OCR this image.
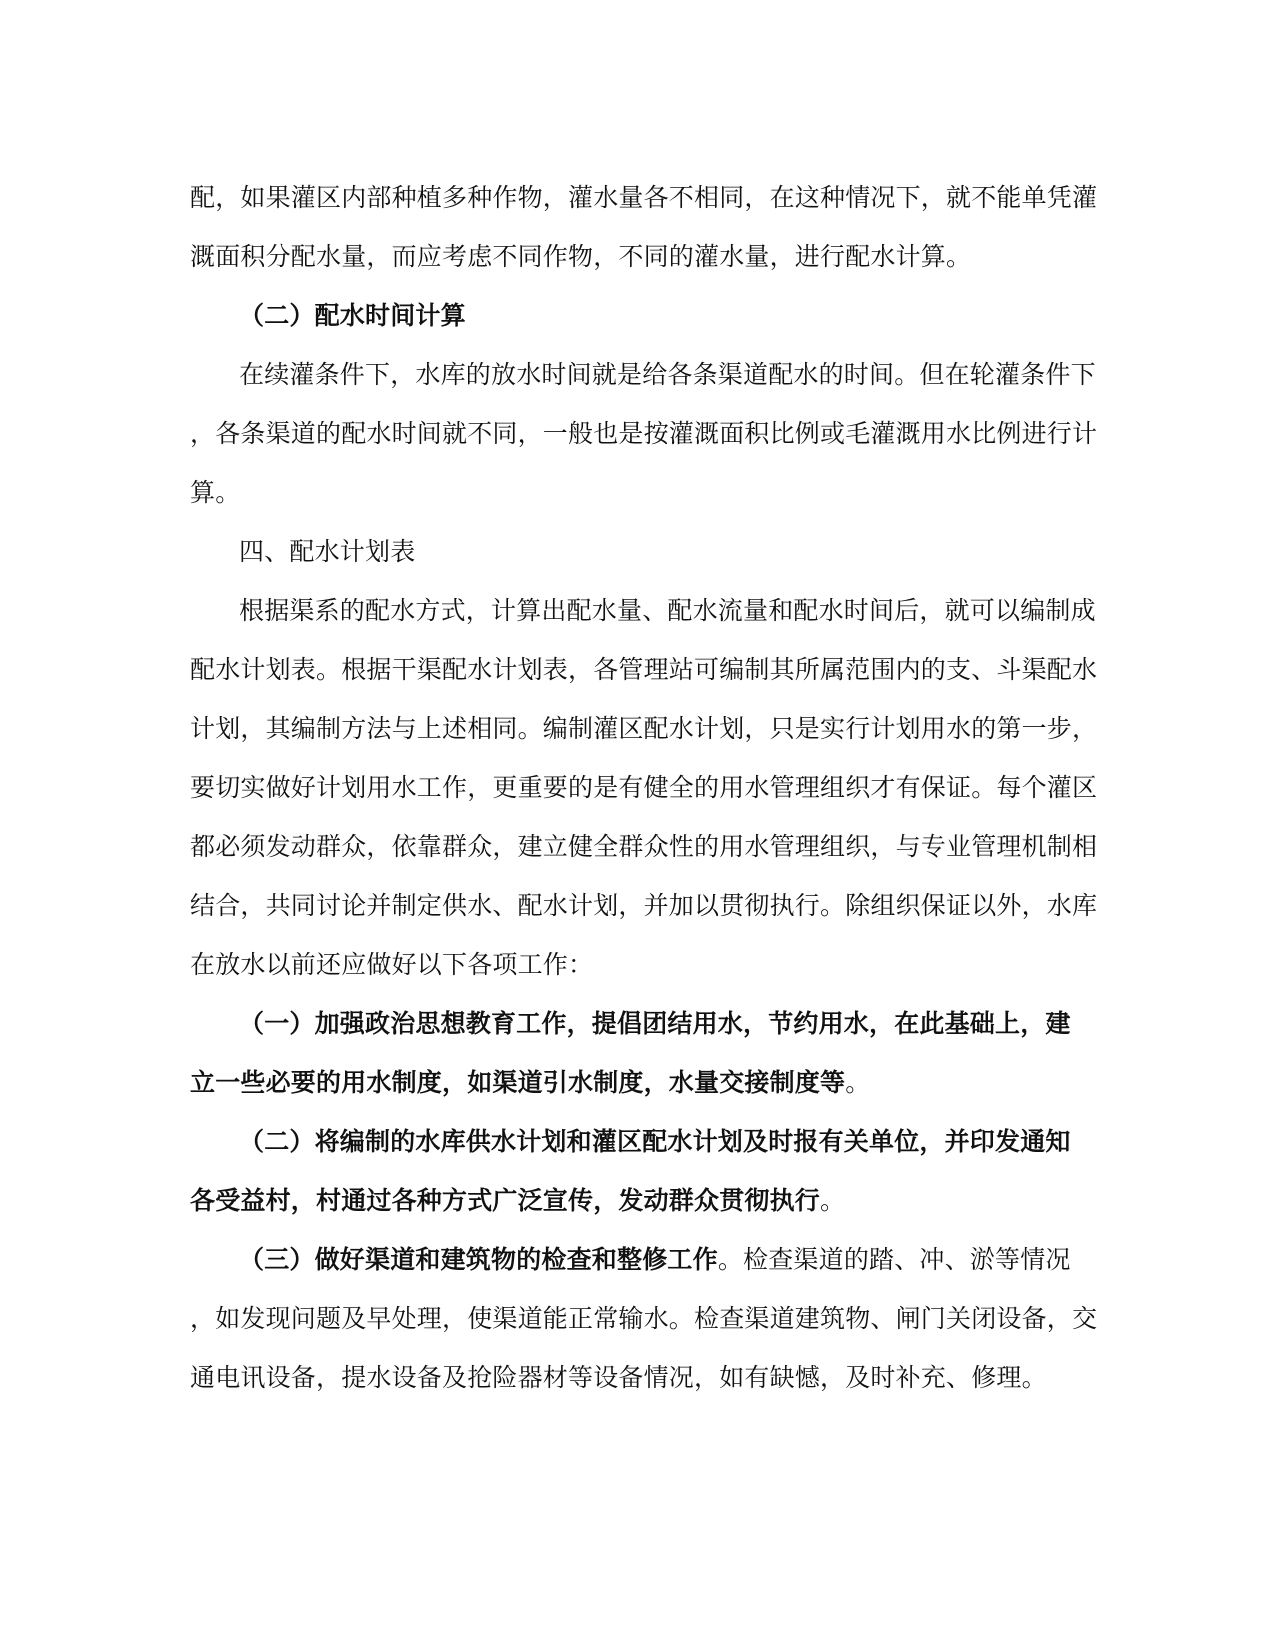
配，如果灌区内部种植多种作物，灌水量各不相同，在这种情况下，就不能单凭灌
溉面积分配水量，而应考虑不同作物，不同的灌水量，进行配水计算。
（二）配水时间计算
在续灌条件下，水库的放水时间就是给各条渠道配水的时间。但在轮灌条件下
，各条渠道的配水时间就不同，一般也是按灌溉面积比例或毛灌溉用水比例进行计
算。
四、配水计划表
根据渠系的配水方式，计算出配水量、配水流量和配水时间后，就可以编制成
配水计划表。根据干渠配水计划表，各管理站可编制其所属范围内的支、斗渠配水
计划，其编制方法与上述相同。编制灌区配水计划，只是实行计划用水的第一步，
要切实做好计划用水工作，更重要的是有健全的用水管理组织才有保证。每个灌区
都必须发动群众，依靠群众，建立健全群众性的用水管理组织，与专业管理机制相
结合，共同讨论并制定供水、配水计划，并加以贯彻执行。除组织保证以外，水库
在放水以前还应做好以下各项工作：
（一）加强政治思想教育工作，提倡团结用水，节约用水，在此基础上，建
立一些必要的用水制度，如渠道引水制度，水量交接制度等。
（二）将编制的水库供水计划和灌区配水计划及时报有关单位，并印发通知
各受益村，村通过各种方式广泛宣传，发动群众贯彻执行。
（三）做好渠道和建筑物的检查和整修工作。检查渠道的踏、冲、淤等情况
，如发现问题及早处理，使渠道能正常输水。检查渠道建筑物、闸门关闭设备，交
通电讯设备，提水设备及抢险器材等设备情况，如有缺憾，及时补充、修理。
